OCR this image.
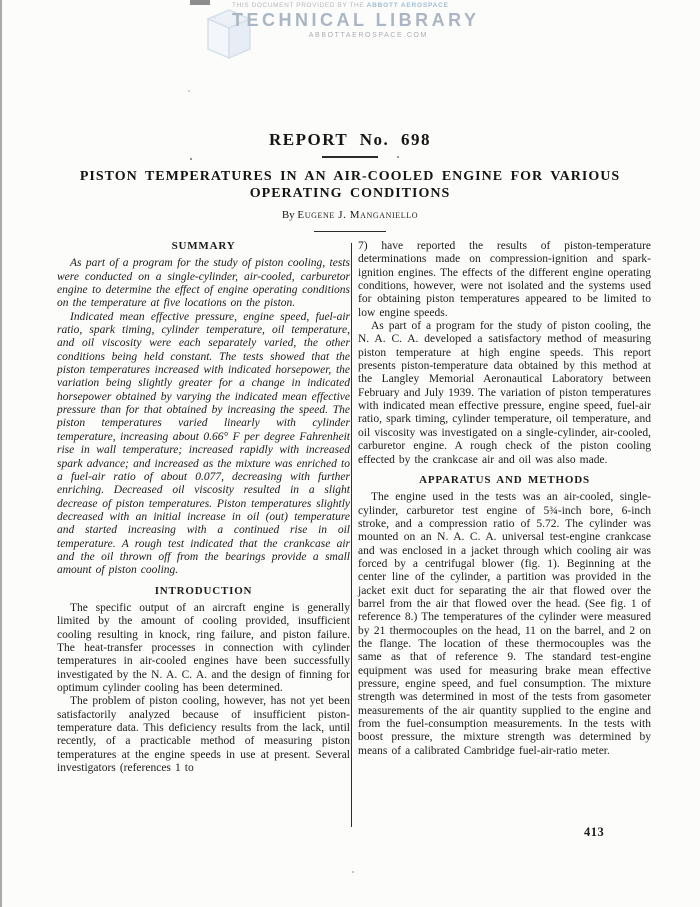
THIS DOCUMENT PROVIDED BY THE ABBOTT AEROSPACE
TECHNICAL LIBRARY
ABBOTTAEROSPACE.COM
REPORT No. 698
PISTON TEMPERATURES IN AN AIR-COOLED ENGINE FOR VARIOUS OPERATING CONDITIONS
By Eugene J. Manganiello
SUMMARY

As part of a program for the study of piston cooling, tests were conducted on a single-cylinder, air-cooled, carburetor engine to determine the effect of engine operating conditions on the temperature at five locations on the piston.

Indicated mean effective pressure, engine speed, fuel-air ratio, spark timing, cylinder temperature, oil temperature, and oil viscosity were each separately varied, the other conditions being held constant. The tests showed that the piston temperatures increased with indicated horsepower, the variation being slightly greater for a change in indicated horsepower obtained by varying the indicated mean effective pressure than for that obtained by increasing the speed. The piston temperatures varied linearly with cylinder temperature, increasing about 0.66° F per degree Fahrenheit rise in wall temperature; increased rapidly with increased spark advance; and increased as the mixture was enriched to a fuel-air ratio of about 0.077, decreasing with further enriching. Decreased oil viscosity resulted in a slight decrease of piston temperatures. Piston temperatures slightly decreased with an initial increase in oil (out) temperature and started increasing with a continued rise in oil temperature. A rough test indicated that the crankcase air and the oil thrown off from the bearings provide a small amount of piston cooling.

INTRODUCTION

The specific output of an aircraft engine is generally limited by the amount of cooling provided, insufficient cooling resulting in knock, ring failure, and piston failure. The heat-transfer processes in connection with cylinder temperatures in air-cooled engines have been successfully investigated by the N. A. C. A. and the design of finning for optimum cylinder cooling has been determined.

The problem of piston cooling, however, has not yet been satisfactorily analyzed because of insufficient piston-temperature data. This deficiency results from the lack, until recently, of a practicable method of measuring piston temperatures at the engine speeds in use at present. Several investigators (references 1 to

7) have reported the results of piston-temperature determinations made on compression-ignition and spark-ignition engines. The effects of the different engine operating conditions, however, were not isolated and the systems used for obtaining piston temperatures appeared to be limited to low engine speeds.

As part of a program for the study of piston cooling, the N. A. C. A. developed a satisfactory method of measuring piston temperature at high engine speeds. This report presents piston-temperature data obtained by this method at the Langley Memorial Aeronautical Laboratory between February and July 1939. The variation of piston temperatures with indicated mean effective pressure, engine speed, fuel-air ratio, spark timing, cylinder temperature, oil temperature, and oil viscosity was investigated on a single-cylinder, air-cooled, carburetor engine. A rough check of the piston cooling effected by the crankcase air and oil was also made.

APPARATUS AND METHODS

The engine used in the tests was an air-cooled, single-cylinder, carburetor test engine of 5¾-inch bore, 6-inch stroke, and a compression ratio of 5.72. The cylinder was mounted on an N. A. C. A. universal test-engine crankcase and was enclosed in a jacket through which cooling air was forced by a centrifugal blower (fig. 1). Beginning at the center line of the cylinder, a partition was provided in the jacket exit duct for separating the air that flowed over the barrel from the air that flowed over the head. (See fig. 1 of reference 8.) The temperatures of the cylinder were measured by 21 thermocouples on the head, 11 on the barrel, and 2 on the flange. The location of these thermocouples was the same as that of reference 9. The standard test-engine equipment was used for measuring brake mean effective pressure, engine speed, and fuel consumption. The mixture strength was determined in most of the tests from gasometer measurements of the air quantity supplied to the engine and from the fuel-consumption measurements. In the tests with boost pressure, the mixture strength was determined by means of a calibrated Cambridge fuel-air-ratio meter.

413
